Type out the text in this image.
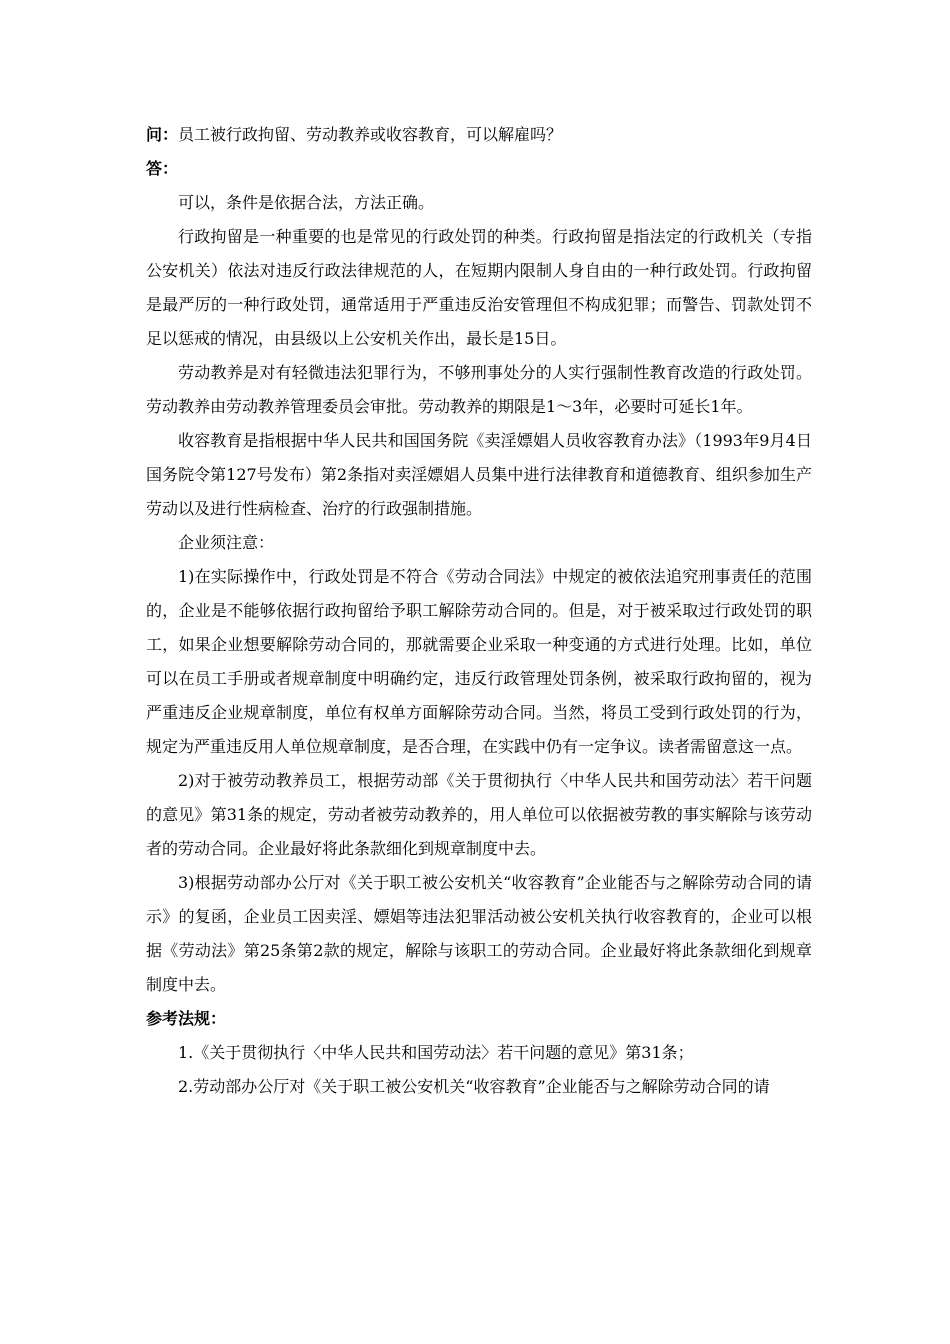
问：员工被行政拘留、劳动教养或收容教育，可以解雇吗？

答：

可以，条件是依据合法，方法正确。

行政拘留是一种重要的也是常见的行政处罚的种类。行政拘留是指法定的行政机关（专指公安机关）依法对违反行政法律规范的人，在短期内限制人身自由的一种行政处罚。行政拘留是最严厉的一种行政处罚，通常适用于严重违反治安管理但不构成犯罪；而警告、罚款处罚不足以惩戒的情况，由县级以上公安机关作出，最长是15日。

劳动教养是对有轻微违法犯罪行为，不够刑事处分的人实行强制性教育改造的行政处罚。劳动教养由劳动教养管理委员会审批。劳动教养的期限是1～3年，必要时可延长1年。

收容教育是指根据中华人民共和国国务院《卖淫嫖娼人员收容教育办法》（1993年9月4日国务院令第127号发布）第2条指对卖淫嫖娼人员集中进行法律教育和道德教育、组织参加生产劳动以及进行性病检查、治疗的行政强制措施。

企业须注意：

1)在实际操作中，行政处罚是不符合《劳动合同法》中规定的被依法追究刑事责任的范围的，企业是不能够依据行政拘留给予职工解除劳动合同的。但是，对于被采取过行政处罚的职工，如果企业想要解除劳动合同的，那就需要企业采取一种变通的方式进行处理。比如，单位可以在员工手册或者规章制度中明确约定，违反行政管理处罚条例，被采取行政拘留的，视为严重违反企业规章制度，单位有权单方面解除劳动合同。当然，将员工受到行政处罚的行为，规定为严重违反用人单位规章制度，是否合理，在实践中仍有一定争议。读者需留意这一点。

2)对于被劳动教养员工，根据劳动部《关于贯彻执行〈中华人民共和国劳动法〉若干问题的意见》第31条的规定，劳动者被劳动教养的，用人单位可以依据被劳教的事实解除与该劳动者的劳动合同。企业最好将此条款细化到规章制度中去。

3)根据劳动部办公厅对《关于职工被公安机关“收容教育”企业能否与之解除劳动合同的请示》的复函，企业员工因卖淫、嫖娼等违法犯罪活动被公安机关执行收容教育的，企业可以根据《劳动法》第25条第2款的规定，解除与该职工的劳动合同。企业最好将此条款细化到规章制度中去。

参考法规：

1.《关于贯彻执行〈中华人民共和国劳动法〉若干问题的意见》第31条；

2.劳动部办公厅对《关于职工被公安机关“收容教育”企业能否与之解除劳动合同的请
